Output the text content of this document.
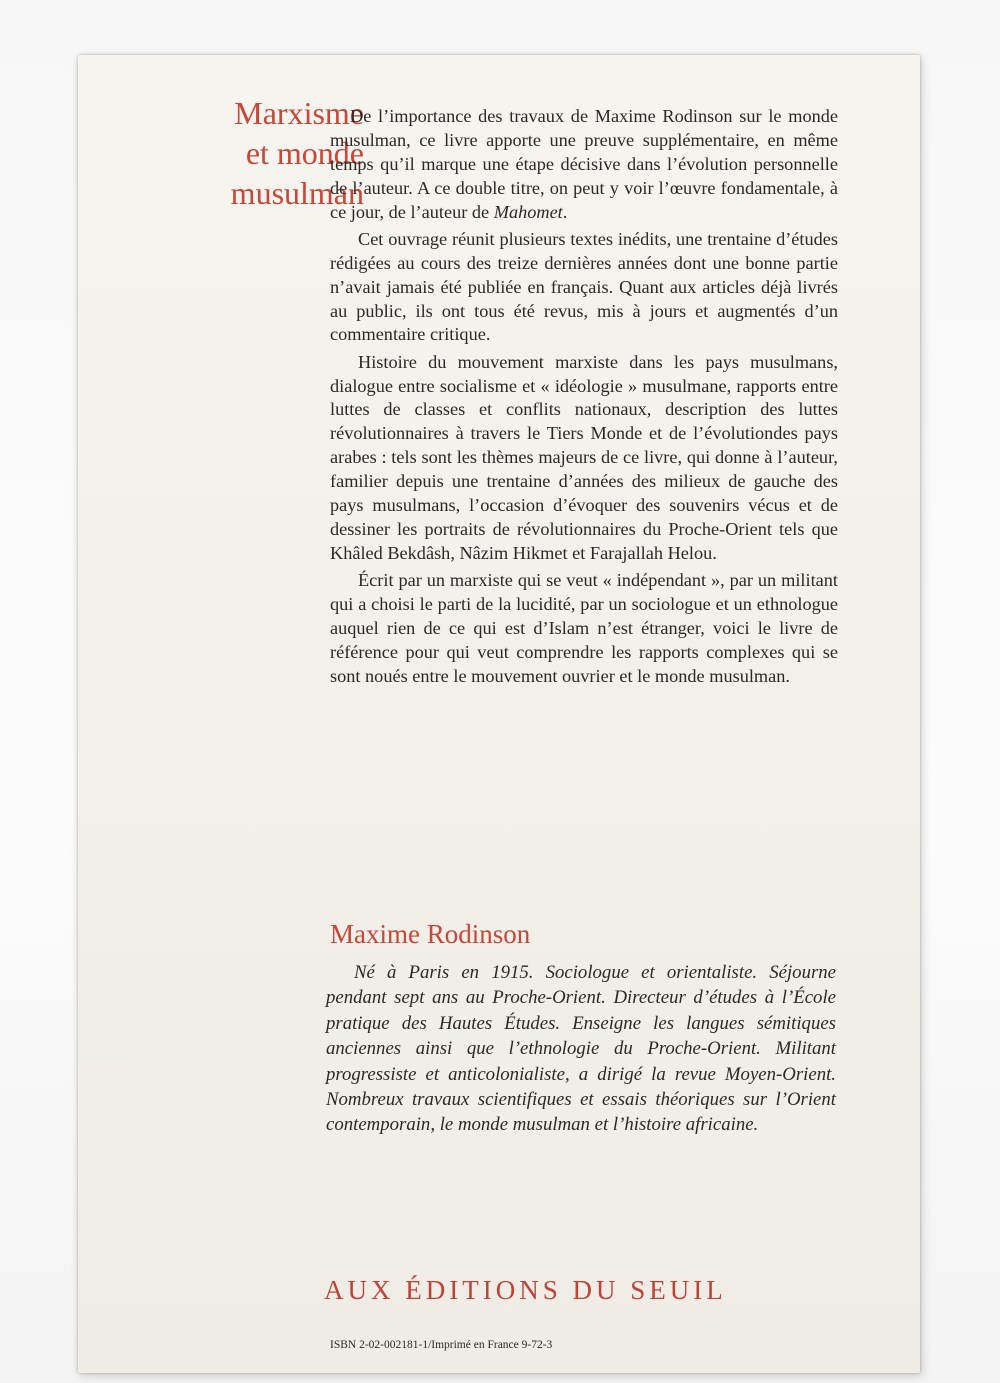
Marxisme
et monde
musulman

De l’importance des travaux de Maxime Rodinson sur le monde musulman, ce livre apporte une preuve supplémentaire, en même temps qu’il marque une étape décisive dans l’évolution personnelle de l’auteur. A ce double titre, on peut y voir l’œuvre fondamentale, à ce jour, de l’auteur de Mahomet.

Cet ouvrage réunit plusieurs textes inédits, une trentaine d’études rédigées au cours des treize dernières années dont une bonne partie n’avait jamais été publiée en français. Quant aux articles déjà livrés au public, ils ont tous été revus, mis à jours et augmentés d’un commentaire critique.

Histoire du mouvement marxiste dans les pays musulmans, dialogue entre socialisme et « idéologie » musulmane, rapports entre luttes de classes et conflits nationaux, description des luttes révolutionnaires à travers le Tiers Monde et de l’évolutiondes pays arabes : tels sont les thèmes majeurs de ce livre, qui donne à l’auteur, familier depuis une trentaine d’années des milieux de gauche des pays musulmans, l’occasion d’évoquer des souvenirs vécus et de dessiner les portraits de révolutionnaires du Proche-Orient tels que Khâled Bekdâsh, Nâzim Hikmet et Farajallah Helou.

Écrit par un marxiste qui se veut « indépendant », par un militant qui a choisi le parti de la lucidité, par un sociologue et un ethnologue auquel rien de ce qui est d’Islam n’est étranger, voici le livre de référence pour qui veut comprendre les rapports complexes qui se sont noués entre le mouvement ouvrier et le monde musulman.

Maxime Rodinson
Né à Paris en 1915. Sociologue et orientaliste. Séjourne pendant sept ans au Proche-Orient. Directeur d’études à l’École pratique des Hautes Études. Enseigne les langues sémitiques anciennes ainsi que l’ethnologie du Proche-Orient. Militant progressiste et anticolonialiste, a dirigé la revue Moyen-Orient. Nombreux travaux scientifiques et essais théoriques sur l’Orient contemporain, le monde musulman et l’histoire africaine.
AUX ÉDITIONS DU SEUIL
ISBN 2-02-002181-1/Imprimé en France 9-72-3
